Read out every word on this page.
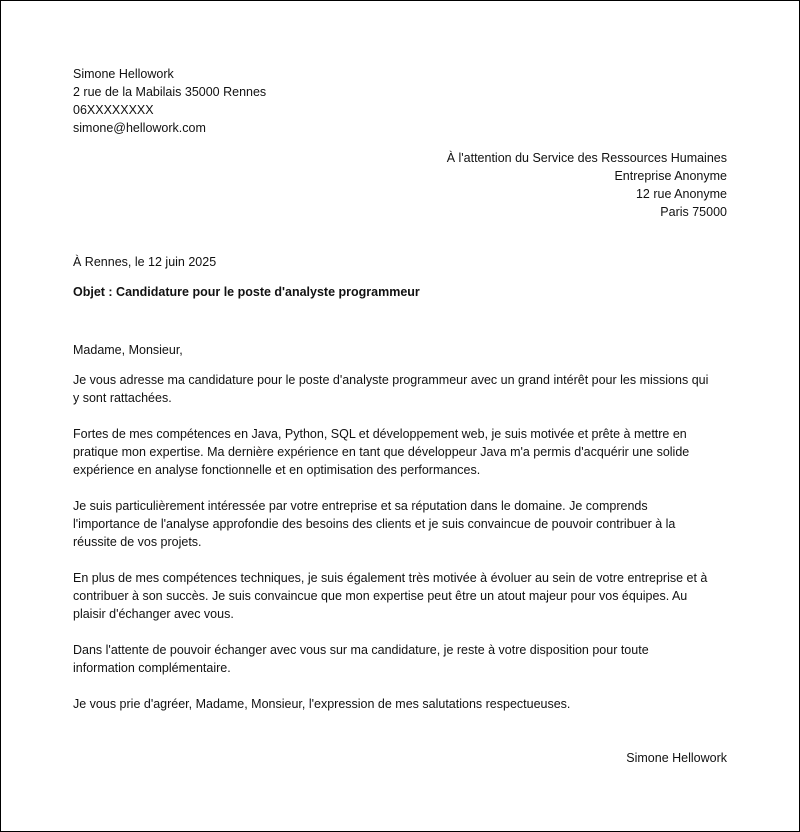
Simone Hellowork
2 rue de la Mabilais 35000 Rennes
06XXXXXXXX
simone@hellowork.com
À l'attention du Service des Ressources Humaines
Entreprise Anonyme
12 rue Anonyme
Paris 75000
À Rennes, le 12 juin 2025
Objet : Candidature pour le poste d'analyste programmeur

Madame, Monsieur,

Je vous adresse ma candidature pour le poste d'analyste programmeur avec un grand intérêt pour les missions qui
y sont rattachées.

Fortes de mes compétences en Java, Python, SQL et développement web, je suis motivée et prête à mettre en
pratique mon expertise. Ma dernière expérience en tant que développeur Java m'a permis d'acquérir une solide
expérience en analyse fonctionnelle et en optimisation des performances.

Je suis particulièrement intéressée par votre entreprise et sa réputation dans le domaine. Je comprends
l'importance de l'analyse approfondie des besoins des clients et je suis convaincue de pouvoir contribuer à la
réussite de vos projets.

En plus de mes compétences techniques, je suis également très motivée à évoluer au sein de votre entreprise et à
contribuer à son succès. Je suis convaincue que mon expertise peut être un atout majeur pour vos équipes. Au
plaisir d'échanger avec vous.

Dans l'attente de pouvoir échanger avec vous sur ma candidature, je reste à votre disposition pour toute
information complémentaire.

Je vous prie d'agréer, Madame, Monsieur, l'expression de mes salutations respectueuses.

Simone Hellowork
